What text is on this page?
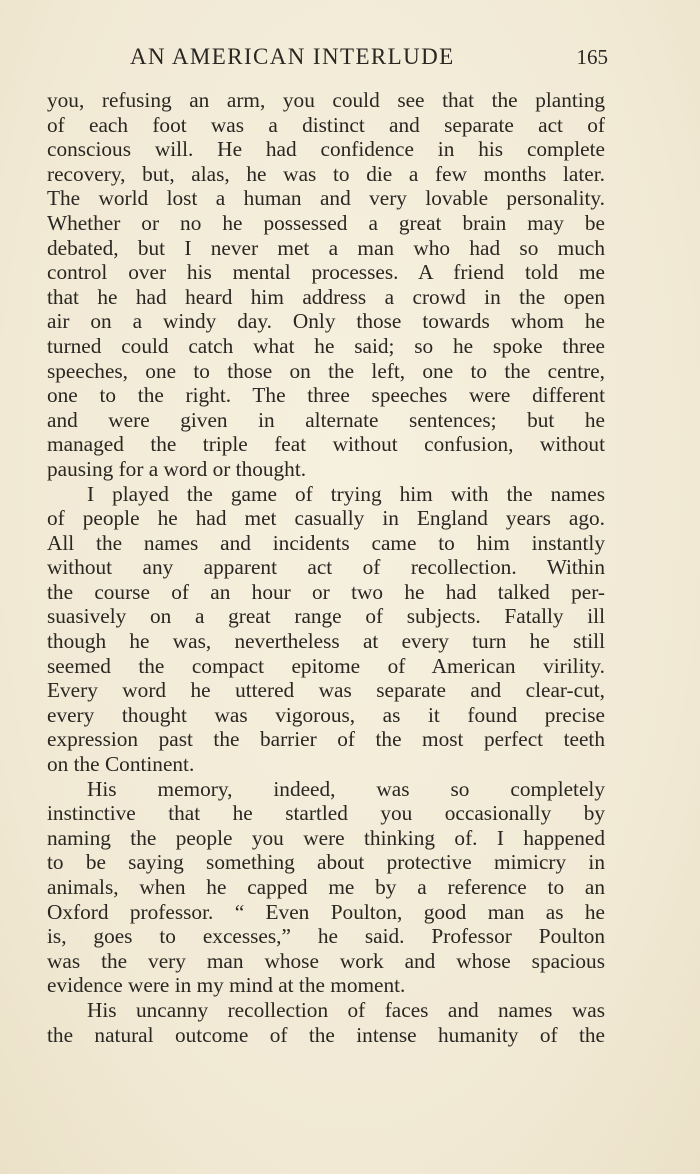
AN AMERICAN INTERLUDE	165
you, refusing an arm, you could see that the planting
of each foot was a distinct and separate act of
conscious will. He had confidence in his complete
recovery, but, alas, he was to die a few months later.
The world lost a human and very lovable personality.
Whether or no he possessed a great brain may be
debated, but I never met a man who had so much
control over his mental processes. A friend told me
that he had heard him address a crowd in the open
air on a windy day. Only those towards whom he
turned could catch what he said; so he spoke three
speeches, one to those on the left, one to the centre,
one to the right. The three speeches were different
and were given in alternate sentences; but he
managed the triple feat without confusion, without
pausing for a word or thought.
I played the game of trying him with the names
of people he had met casually in England years ago.
All the names and incidents came to him instantly
without any apparent act of recollection. Within
the course of an hour or two he had talked per-
suasively on a great range of subjects. Fatally ill
though he was, nevertheless at every turn he still
seemed the compact epitome of American virility.
Every word he uttered was separate and clear-cut,
every thought was vigorous, as it found precise
expression past the barrier of the most perfect teeth
on the Continent.
His memory, indeed, was so completely
instinctive that he startled you occasionally by
naming the people you were thinking of. I happened
to be saying something about protective mimicry in
animals, when he capped me by a reference to an
Oxford professor. “ Even Poulton, good man as he
is, goes to excesses,” he said. Professor Poulton
was the very man whose work and whose spacious
evidence were in my mind at the moment.
His uncanny recollection of faces and names was
the natural outcome of the intense humanity of the
